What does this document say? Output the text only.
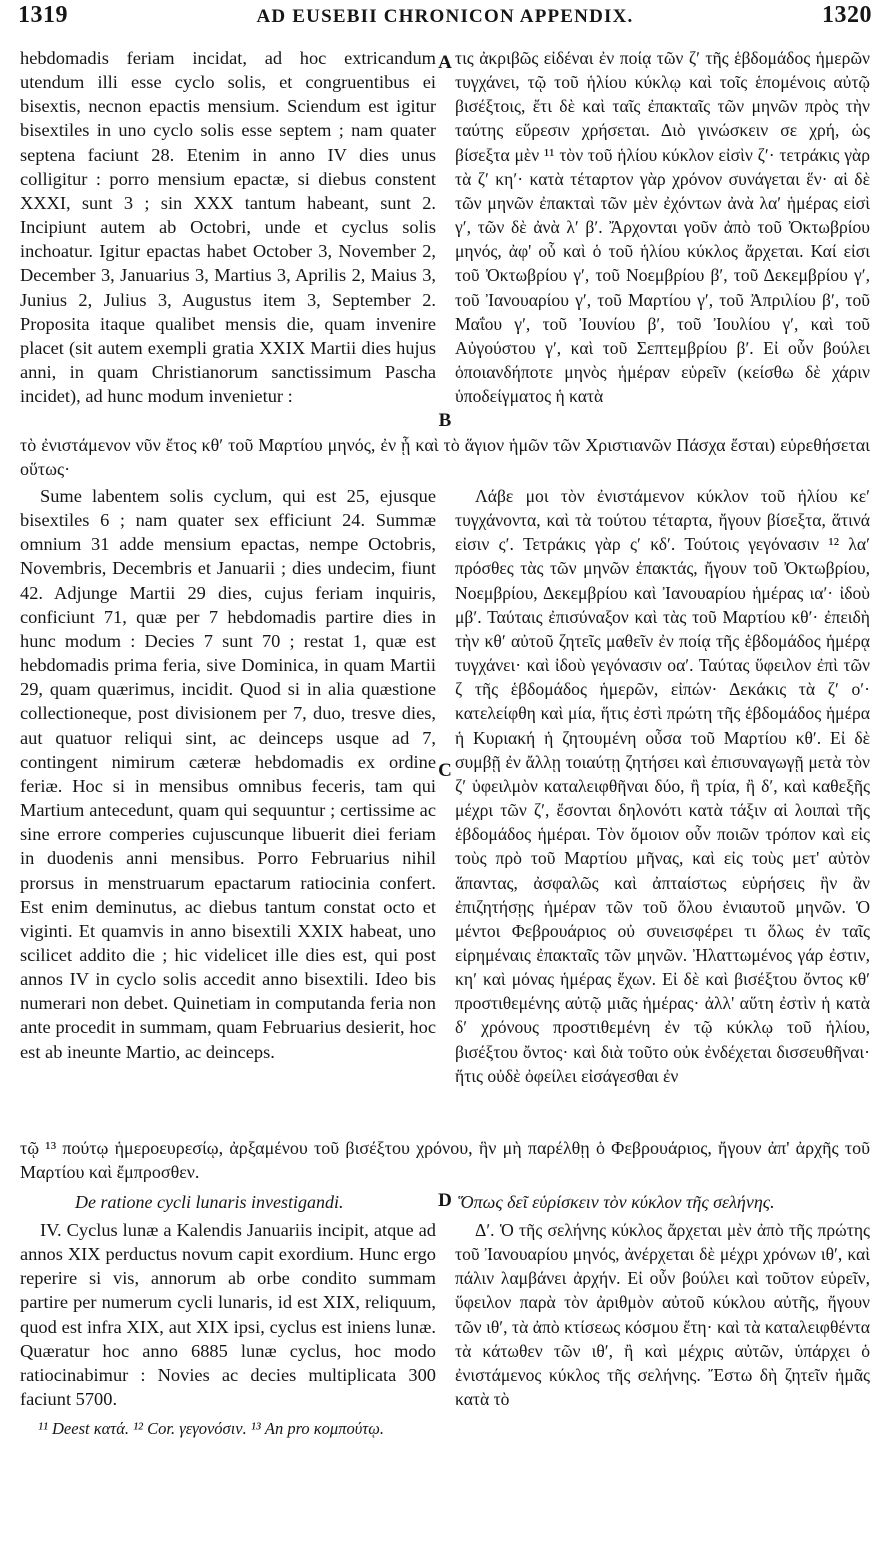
1319	AD EUSEBII CHRONICON APPENDIX.	1320
hebdomadis feriam incidat, ad hoc extricandum utendum illi esse cyclo solis, et congruentibus ei bisextis, necnon epactis mensium. Sciendum est igitur bisextiles in uno cyclo solis esse septem ; nam quater septena faciunt 28. Etenim in anno IV dies unus colligitur : porro mensium epactæ, si diebus constent XXXI, sunt 3 ; sin XXX tantum habeant, sunt 2. Incipiunt autem ab Octobri, unde et cyclus solis inchoatur. Igitur epactas habet October 3, November 2, December 3, Januarius 3, Martius 3, Aprilis 2, Maius 3, Junius 2, Julius 3, Augustus item 3, September 2. Proposita itaque qualibet mensis die, quam invenire placet (sit autem exempli gratia XXIX Martii dies hujus anni, in quam Christianorum sanctissimum Pascha incidet), ad hunc modum invenietur :
τις ἀκριβῶς εἰδέναι ἐν ποίᾳ τῶν ζʹ τῆς ἑβδομάδος ἡμερῶν τυγχάνει, τῷ τοῦ ἡλίου κύκλῳ καὶ τοῖς ἑπομένοις αὐτῷ βισέξτοις, ἔτι δὲ καὶ ταῖς ἐπακταῖς τῶν μηνῶν πρὸς τὴν ταύτης εὕρεσιν χρήσεται. Διὸ γινώσκειν σε χρή, ὡς βίσεξτα μὲν ¹¹ τὸν τοῦ ἡλίου κύκλον εἰσὶν ζʹ· τετράκις γὰρ τὰ ζʹ κηʹ· κατὰ τέταρτον γὰρ χρόνον συνάγεται ἕν· αἱ δὲ τῶν μηνῶν ἐπακταὶ τῶν μὲν ἐχόντων ἀνὰ λαʹ ἡμέρας εἰσὶ γʹ, τῶν δὲ ἀνὰ λʹ βʹ. Ἄρχονται γοῦν ἀπὸ τοῦ Ὀκτωβρίου μηνός, ἀφ' οὗ καὶ ὁ τοῦ ἡλίου κύκλος ἄρχεται. Καί εἰσι τοῦ Ὀκτωβρίου γʹ, τοῦ Νοεμβρίου βʹ, τοῦ Δεκεμβρίου γʹ, τοῦ Ἰανουαρίου γʹ, τοῦ Μαρτίου γʹ, τοῦ Ἀπριλίου βʹ, τοῦ Μαΐου γʹ, τοῦ Ἰουνίου βʹ, τοῦ Ἰουλίου γʹ, καὶ τοῦ Αὐγούστου γʹ, καὶ τοῦ Σεπτεμβρίου βʹ. Εἰ οὖν βούλει ὁποιανδήποτε μηνὸς ἡμέραν εὑρεῖν (κείσθω δὲ χάριν ὑποδείγματος ἡ κατὰ
A
B
τὸ ἐνιστάμενον νῦν ἔτος κθʹ τοῦ Μαρτίου μηνός, ἐν ᾗ καὶ τὸ ἅγιον ἡμῶν τῶν Χριστιανῶν Πάσχα ἔσται) εὑρεθήσεται οὕτως·
Sume labentem solis cyclum, qui est 25, ejusque bisextiles 6 ; nam quater sex efficiunt 24. Summæ omnium 31 adde mensium epactas, nempe Octobris, Novembris, Decembris et Januarii ; dies undecim, fiunt 42. Adjunge Martii 29 dies, cujus feriam inquiris, conficiunt 71, quæ per 7 hebdomadis partire dies in hunc modum : Decies 7 sunt 70 ; restat 1, quæ est hebdomadis prima feria, sive Dominica, in quam Martii 29, quam quærimus, incidit. Quod si in alia quæstione collectioneque, post divisionem per 7, duo, tresve dies, aut quatuor reliqui sint, ac deinceps usque ad 7, contingent nimirum cæteræ hebdomadis ex ordine feriæ. Hoc si in mensibus omnibus feceris, tam qui Martium antecedunt, quam qui sequuntur ; certissime ac sine errore comperies cujuscunque libuerit diei feriam in duodenis anni mensibus. Porro Februarius nihil prorsus in menstruarum epactarum ratiocinia confert. Est enim deminutus, ac diebus tantum constat octo et viginti. Et quamvis in anno bisextili XXIX habeat, uno scilicet addito die ; hic videlicet ille dies est, qui post annos IV in cyclo solis accedit anno bisextili. Ideo bis numerari non debet. Quinetiam in computanda feria non ante procedit in summam, quam Februarius desierit, hoc est ab ineunte Martio, ac deinceps.
Λάβε μοι τὸν ἐνιστάμενον κύκλον τοῦ ἡλίου κεʹ τυγχάνοντα, καὶ τὰ τούτου τέταρτα, ἤγουν βίσεξτα, ἅτινά εἰσιν ςʹ. Τετράκις γὰρ ςʹ κδʹ. Τούτοις γεγόνασιν ¹² λαʹ πρόσθες τὰς τῶν μηνῶν ἐπακτάς, ἤγουν τοῦ Ὀκτωβρίου, Νοεμβρίου, Δεκεμβρίου καὶ Ἰανουαρίου ἡμέρας ιαʹ· ἰδοὺ μβʹ. Ταύταις ἐπισύναξον καὶ τὰς τοῦ Μαρτίου κθʹ· ἐπειδὴ τὴν κθʹ αὐτοῦ ζητεῖς μαθεῖν ἐν ποίᾳ τῆς ἑβδομάδος ἡμέρᾳ τυγχάνει· καὶ ἰδοὺ γεγόνασιν οαʹ. Ταύτας ὕφειλον ἐπὶ τῶν ζ τῆς ἑβδομάδος ἡμερῶν, εἰπών· Δεκάκις τὰ ζʹ οʹ· κατελείφθη καὶ μία, ἥτις ἐστὶ πρώτη τῆς ἑβδομάδος ἡμέρα ἡ Κυριακή ἡ ζητουμένη οὖσα τοῦ Μαρτίου κθʹ. Εἰ δὲ συμβῇ ἐν ἄλλῃ τοιαύτῃ ζητήσει καὶ ἐπισυναγωγῇ μετὰ τὸν ζʹ ὑφειλμὸν καταλειφθῆναι δύο, ἢ τρία, ἢ δʹ, καὶ καθεξῆς μέχρι τῶν ζʹ, ἔσονται δηλονότι κατὰ τάξιν αἱ λοιπαὶ τῆς ἑβδομάδος ἡμέραι. Τὸν ὅμοιον οὖν ποιῶν τρόπον καὶ εἰς τοὺς πρὸ τοῦ Μαρτίου μῆνας, καὶ εἰς τοὺς μετ' αὐτὸν ἅπαντας, ἀσφαλῶς καὶ ἀπταίστως εὑρήσεις ἣν ἂν ἐπιζητήσῃς ἡμέραν τῶν τοῦ ὅλου ἐνιαυτοῦ μηνῶν. Ὁ μέντοι Φεβρουάριος οὐ συνεισφέρει τι ὅλως ἐν ταῖς εἰρημέναις ἐπακταῖς τῶν μηνῶν. Ἠλαττωμένος γάρ ἐστιν, κηʹ καὶ μόνας ἡμέρας ἔχων. Εἰ δὲ καὶ βισέξτου ὄντος κθʹ προστιθεμένης αὐτῷ μιᾶς ἡμέρας· ἀλλ' αὕτη ἐστὶν ἡ κατὰ δʹ χρόνους προστιθεμένη ἐν τῷ κύκλῳ τοῦ ἡλίου, βισέξτου ὄντος· καὶ διὰ τοῦτο οὐκ ἐνδέχεται δισσευθῆναι· ἥτις οὐδὲ ὀφείλει εἰσάγεσθαι ἐν
C
τῷ ¹³ πούτῳ ἡμεροευρεσίῳ, ἀρξαμένου τοῦ βισέξτου χρόνου, ἣν μὴ παρέλθῃ ὁ Φεβρουάριος, ἤγουν ἀπ' ἀρχῆς τοῦ Μαρτίου καὶ ἔμπροσθεν.
De ratione cycli lunaris investigandi.	Ὅπως δεῖ εὑρίσκειν τὸν κύκλον τῆς σελήνης.
D
IV. Cyclus lunæ a Kalendis Januariis incipit, atque ad annos XIX perductus novum capit exordium. Hunc ergo reperire si vis, annorum ab orbe condito summam partire per numerum cycli lunaris, id est XIX, reliquum, quod est infra XIX, aut XIX ipsi, cyclus est iniens lunæ. Quæratur hoc anno 6885 lunæ cyclus, hoc modo ratiocinabimur : Novies ac decies multiplicata 300 faciunt 5700.
Δʹ. Ὁ τῆς σελήνης κύκλος ἄρχεται μὲν ἀπὸ τῆς πρώτης τοῦ Ἰανουαρίου μηνός, ἀνέρχεται δὲ μέχρι χρόνων ιθʹ, καὶ πάλιν λαμβάνει ἀρχήν. Εἰ οὖν βούλει καὶ τοῦτον εὑρεῖν, ὕφειλον παρὰ τὸν ἀριθμὸν αὐτοῦ κύκλου αὐτῆς, ἤγουν τῶν ιθʹ, τὰ ἀπὸ κτίσεως κόσμου ἔτη· καὶ τὰ καταλειφθέντα τὰ κάτωθεν τῶν ιθʹ, ἢ καὶ μέχρις αὐτῶν, ὑπάρχει ὁ ἐνιστάμενος κύκλος τῆς σελήνης. Ἔστω δὴ ζητεῖν ἡμᾶς κατὰ τὸ
¹¹ Deest κατά. ¹² Cor. γεγονόσιν. ¹³ An pro κομπούτῳ.
